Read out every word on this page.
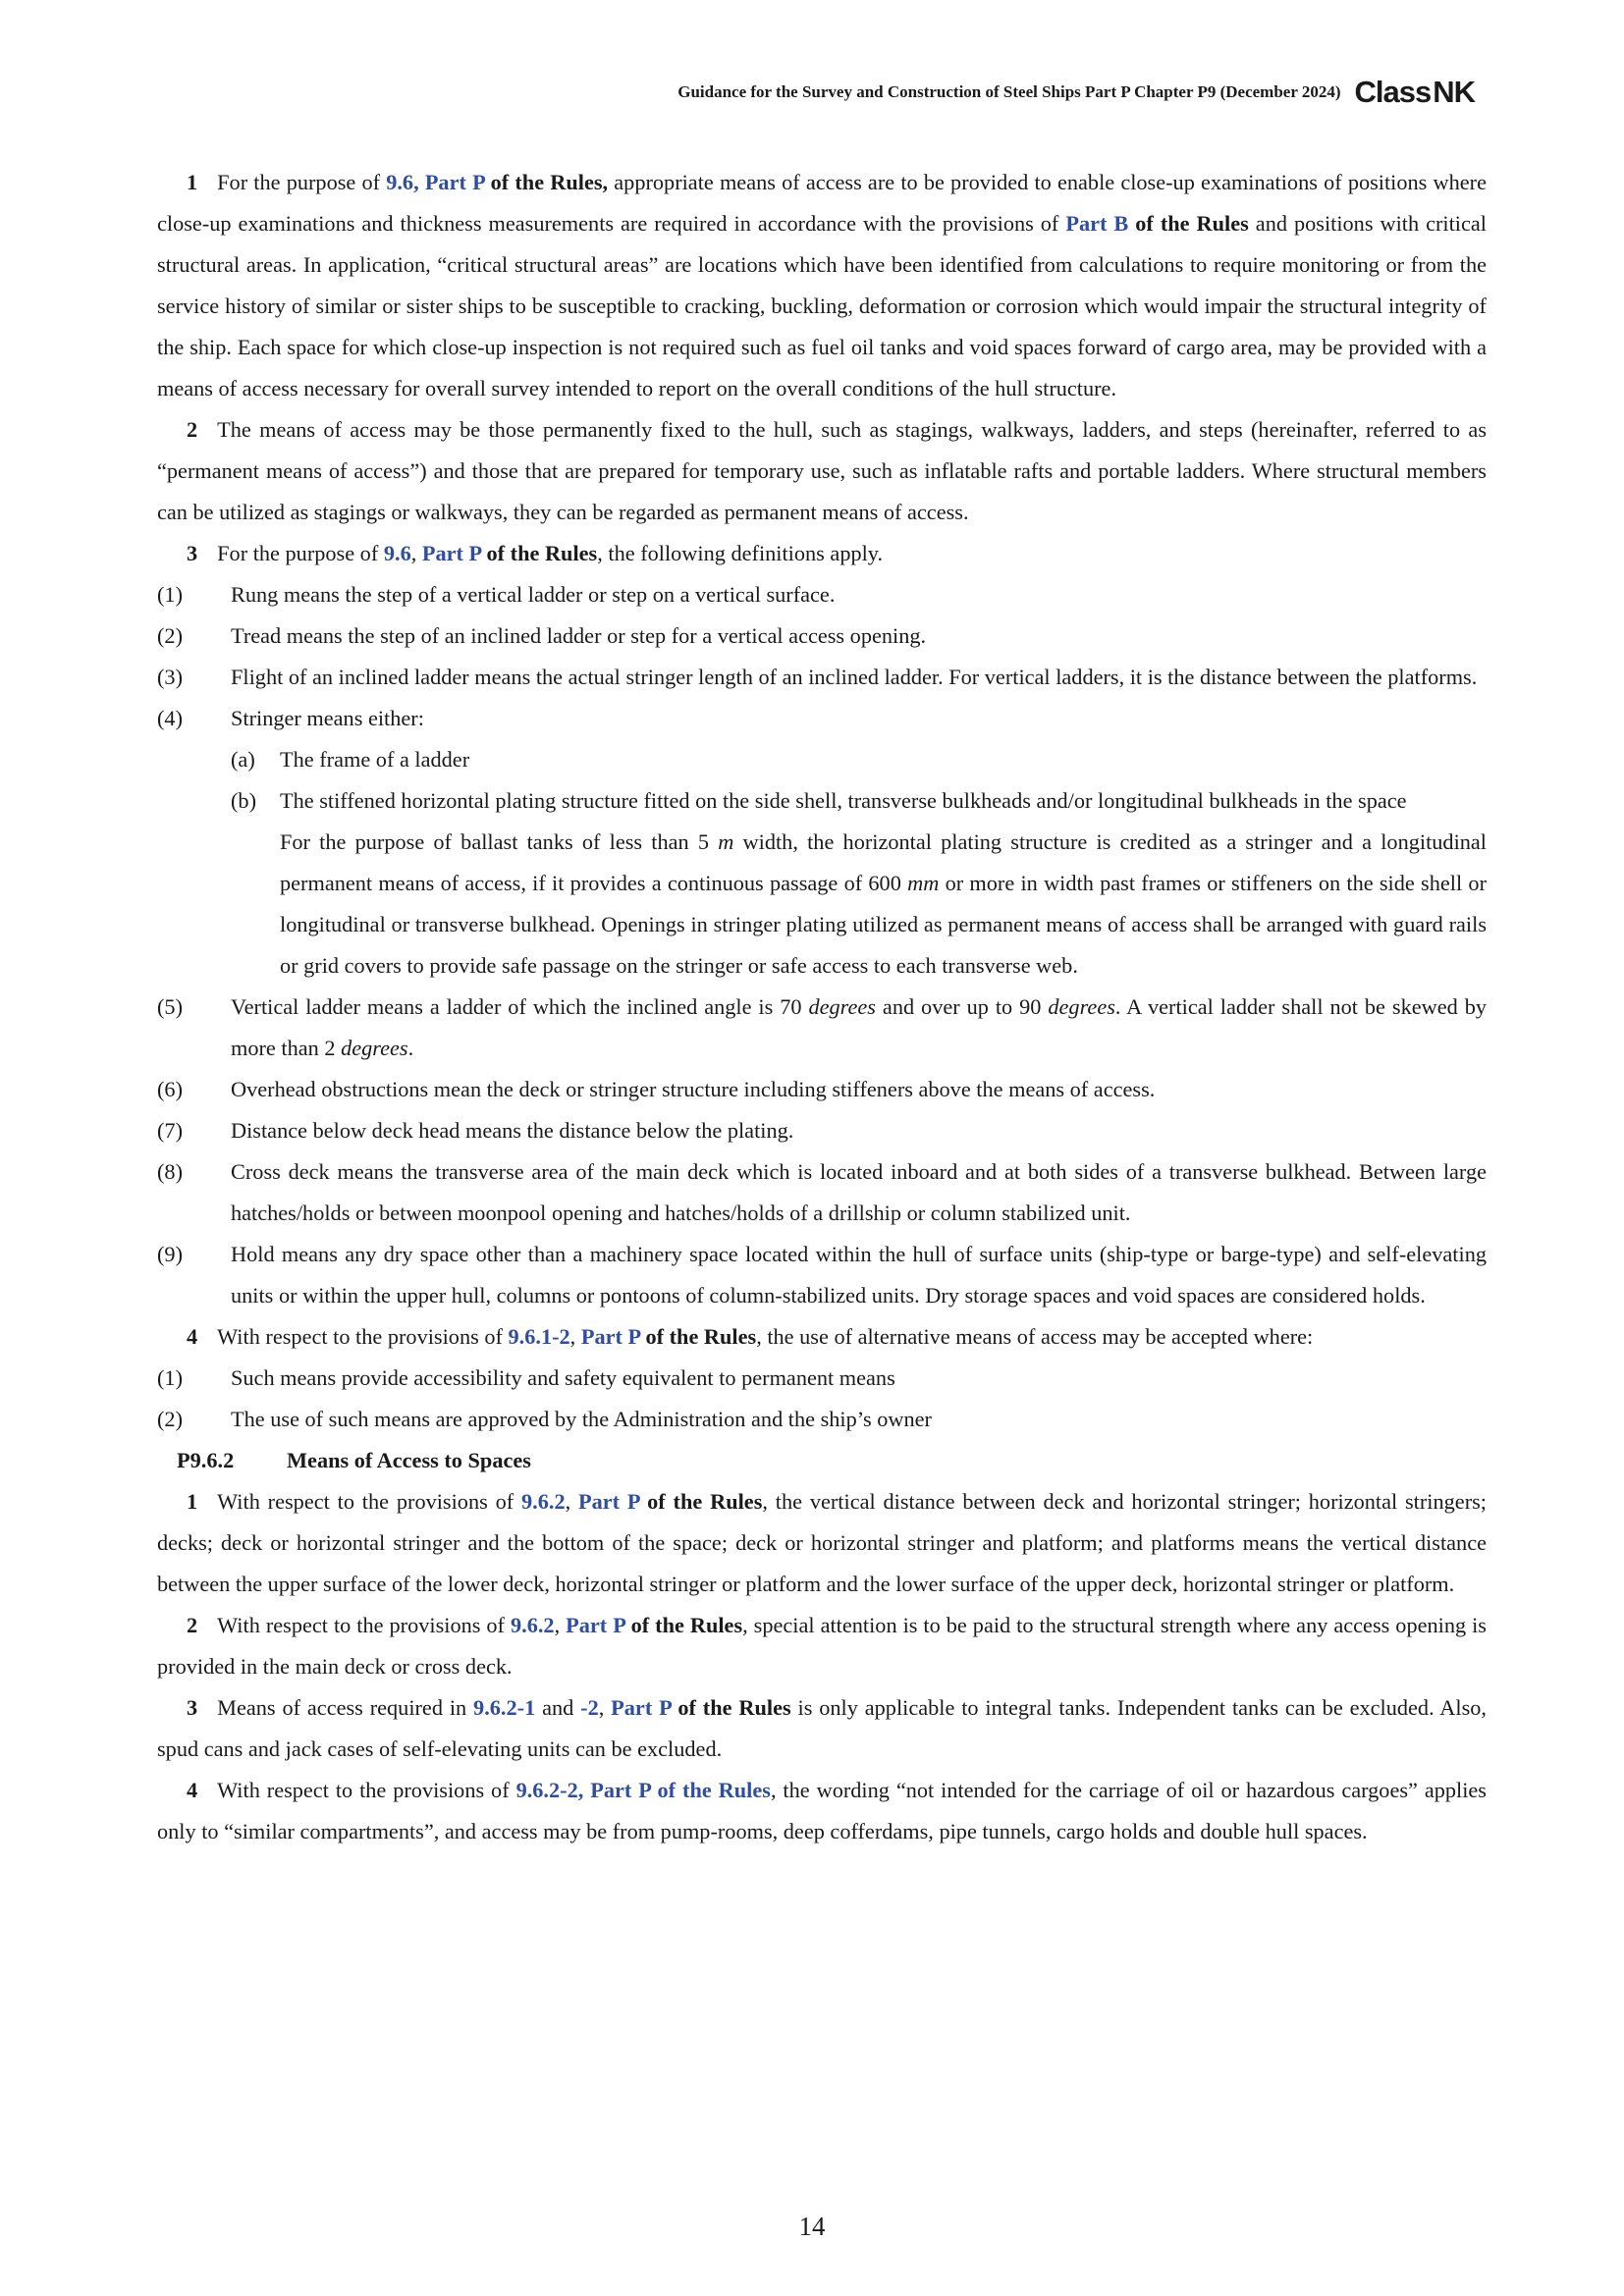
Guidance for the Survey and Construction of Steel Ships Part P Chapter P9 (December 2024) ClassNK

1 For the purpose of 9.6, Part P of the Rules, appropriate means of access are to be provided to enable close-up examinations of positions where close-up examinations and thickness measurements are required in accordance with the provisions of Part B of the Rules and positions with critical structural areas. In application, “critical structural areas” are locations which have been identified from calculations to require monitoring or from the service history of similar or sister ships to be susceptible to cracking, buckling, deformation or corrosion which would impair the structural integrity of the ship. Each space for which close-up inspection is not required such as fuel oil tanks and void spaces forward of cargo area, may be provided with a means of access necessary for overall survey intended to report on the overall conditions of the hull structure.

2 The means of access may be those permanently fixed to the hull, such as stagings, walkways, ladders, and steps (hereinafter, referred to as “permanent means of access”) and those that are prepared for temporary use, such as inflatable rafts and portable ladders. Where structural members can be utilized as stagings or walkways, they can be regarded as permanent means of access.

3 For the purpose of 9.6, Part P of the Rules, the following definitions apply.

(1)	Rung means the step of a vertical ladder or step on a vertical surface.
(2)	Tread means the step of an inclined ladder or step for a vertical access opening.
(3)	Flight of an inclined ladder means the actual stringer length of an inclined ladder. For vertical ladders, it is the distance between the platforms.
(4)	Stringer means either:
(a)	The frame of a ladder
(b)	The stiffened horizontal plating structure fitted on the side shell, transverse bulkheads and/or longitudinal bulkheads in the space

For the purpose of ballast tanks of less than 5 m width, the horizontal plating structure is credited as a stringer and a longitudinal permanent means of access, if it provides a continuous passage of 600 mm or more in width past frames or stiffeners on the side shell or longitudinal or transverse bulkhead. Openings in stringer plating utilized as permanent means of access shall be arranged with guard rails or grid covers to provide safe passage on the stringer or safe access to each transverse web.

(5)	Vertical ladder means a ladder of which the inclined angle is 70 degrees and over up to 90 degrees. A vertical ladder shall not be skewed by more than 2 degrees.
(6)	Overhead obstructions mean the deck or stringer structure including stiffeners above the means of access.
(7)	Distance below deck head means the distance below the plating.
(8)	Cross deck means the transverse area of the main deck which is located inboard and at both sides of a transverse bulkhead. Between large hatches/holds or between moonpool opening and hatches/holds of a drillship or column stabilized unit.
(9)	Hold means any dry space other than a machinery space located within the hull of surface units (ship-type or barge-type) and self-elevating units or within the upper hull, columns or pontoons of column-stabilized units. Dry storage spaces and void spaces are considered holds.

4 With respect to the provisions of 9.6.1-2, Part P of the Rules, the use of alternative means of access may be accepted where:

(1)	Such means provide accessibility and safety equivalent to permanent means
(2)	The use of such means are approved by the Administration and the ship’s owner
P9.6.2	Means of Access to Spaces

1 With respect to the provisions of 9.6.2, Part P of the Rules, the vertical distance between deck and horizontal stringer; horizontal stringers; decks; deck or horizontal stringer and the bottom of the space; deck or horizontal stringer and platform; and platforms means the vertical distance between the upper surface of the lower deck, horizontal stringer or platform and the lower surface of the upper deck, horizontal stringer or platform.

2 With respect to the provisions of 9.6.2, Part P of the Rules, special attention is to be paid to the structural strength where any access opening is provided in the main deck or cross deck.

3 Means of access required in 9.6.2-1 and -2, Part P of the Rules is only applicable to integral tanks. Independent tanks can be excluded. Also, spud cans and jack cases of self-elevating units can be excluded.

4 With respect to the provisions of 9.6.2-2, Part P of the Rules, the wording “not intended for the carriage of oil or hazardous cargoes” applies only to “similar compartments”, and access may be from pump-rooms, deep cofferdams, pipe tunnels, cargo holds and double hull spaces.

14
